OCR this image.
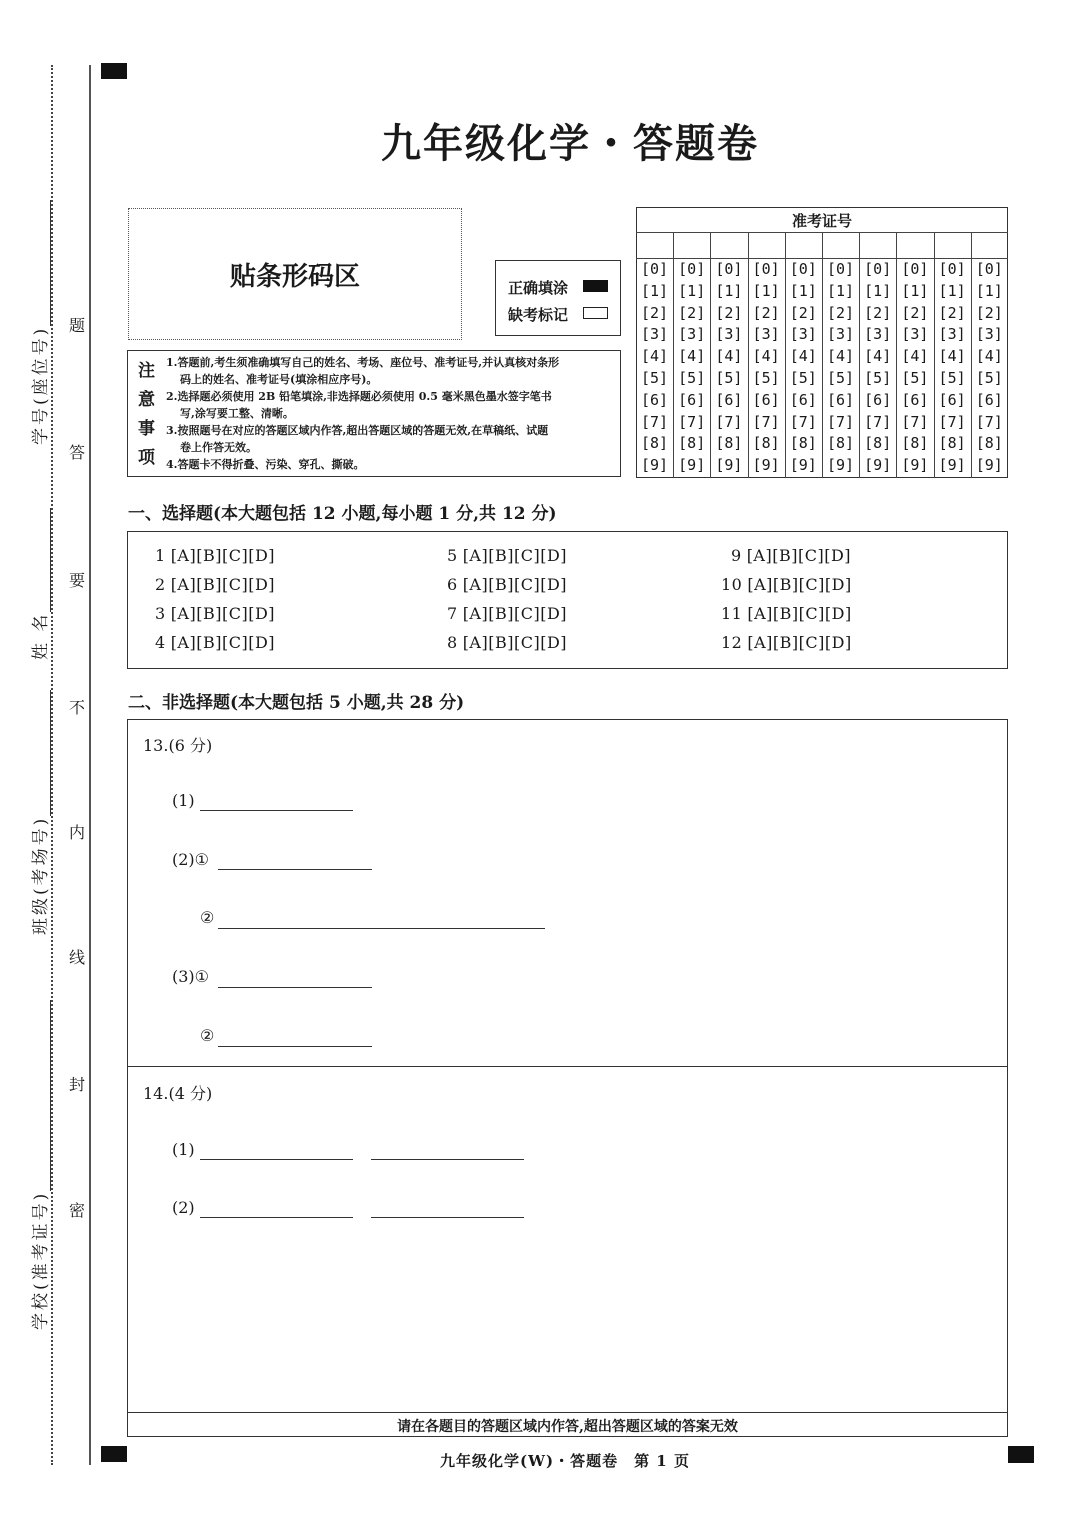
学校(准考证号)
班级(考场号)
姓 名
学号(座位号)
密
封
线
内
不
要
答
题
九年级化学・答题卷
贴条形码区	正确填涂
缺考标记
注
意
事
项

1.答题前,考生须准确填写自己的姓名、考场、座位号、准考证号,并认真核对条形

码上的姓名、准考证号(填涂相应序号)。

2.选择题必须使用 2B 铅笔填涂,非选择题必须使用 0.5 毫米黑色墨水签字笔书

写,涂写要工整、清晰。

3.按照题号在对应的答题区域内作答,超出答题区域的答题无效,在草稿纸、试题

卷上作答无效。

4.答题卡不得折叠、污染、穿孔、撕破。

准考证号
[0]
[1]
[2]
[3]
[4]
[5]
[6]
[7]
[8]
[9]
[0]
[1]
[2]
[3]
[4]
[5]
[6]
[7]
[8]
[9]
[0]
[1]
[2]
[3]
[4]
[5]
[6]
[7]
[8]
[9]
[0]
[1]
[2]
[3]
[4]
[5]
[6]
[7]
[8]
[9]
[0]
[1]
[2]
[3]
[4]
[5]
[6]
[7]
[8]
[9]
[0]
[1]
[2]
[3]
[4]
[5]
[6]
[7]
[8]
[9]
[0]
[1]
[2]
[3]
[4]
[5]
[6]
[7]
[8]
[9]
[0]
[1]
[2]
[3]
[4]
[5]
[6]
[7]
[8]
[9]
[0]
[1]
[2]
[3]
[4]
[5]
[6]
[7]
[8]
[9]
[0]
[1]
[2]
[3]
[4]
[5]
[6]
[7]
[8]
[9]
一、选择题(本大题包括 12 小题,每小题 1 分,共 12 分)
1 [A][B][C][D]
2 [A][B][C][D]
3 [A][B][C][D]
4 [A][B][C][D]
5 [A][B][C][D]
6 [A][B][C][D]
7 [A][B][C][D]
8 [A][B][C][D]
9 [A][B][C][D]
10 [A][B][C][D]
11 [A][B][C][D]
12 [A][B][C][D]
二、非选择题(本大题包括 5 小题,共 28 分)
13.(6 分)
(1)
(2)①
②
(3)①
②
14.(4 分)
(1)
(2)
请在各题目的答题区域内作答,超出答题区域的答案无效
九年级化学(W)・答题卷　第 1 页
